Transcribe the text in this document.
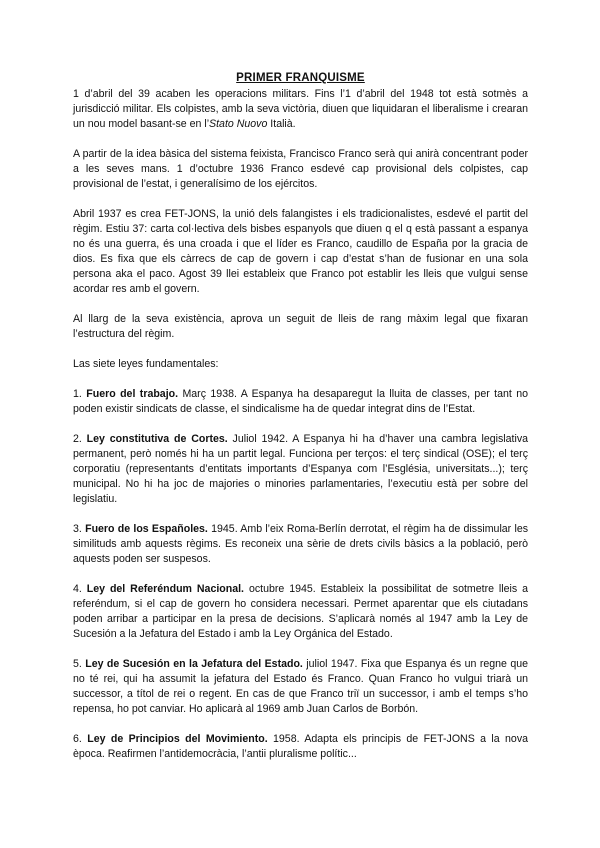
PRIMER FRANQUISME

1 d’abril del 39 acaben les operacions militars. Fins l’1 d’abril del 1948 tot està sotmès a jurisdicció militar. Els colpistes, amb la seva victòria, diuen que liquidaran el liberalisme i crearan un nou model basant-se en l’Stato Nuovo Italià.

A partir de la idea bàsica del sistema feixista, Francisco Franco serà qui anirà concentrant poder a les seves mans. 1 d’octubre 1936 Franco esdevé cap provisional dels colpistes, cap provisional de l’estat, i generalísimo de los ejércitos.

Abril 1937 es crea FET-JONS, la unió dels falangistes i els tradicionalistes, esdevé el partit del règim. Estiu 37: carta col·lectiva dels bisbes espanyols que diuen q el q està passant a espanya no és una guerra, és una croada i que el líder es Franco, caudillo de España por la gracia de dios. Es fixa que els càrrecs de cap de govern i cap d’estat s’han de fusionar en una sola persona aka el paco. Agost 39 llei estableix que Franco pot establir les lleis que vulgui sense acordar res amb el govern.

Al llarg de la seva existència, aprova un seguit de lleis de rang màxim legal que fixaran l’estructura del règim.

Las siete leyes fundamentales:

1. Fuero del trabajo. Març 1938. A Espanya ha desaparegut la lluita de classes, per tant no poden existir sindicats de classe, el sindicalisme ha de quedar integrat dins de l’Estat.

2. Ley constitutiva de Cortes. Juliol 1942. A Espanya hi ha d’haver una cambra legislativa permanent, però només hi ha un partit legal. Funciona per terços: el terç sindical (OSE); el terç corporatiu (representants d’entitats importants d’Espanya com l’Església, universitats...); terç municipal. No hi ha joc de majories o minories parlamentaries, l’executiu està per sobre del legislatiu.

3. Fuero de los Españoles. 1945. Amb l’eix Roma-Berlín derrotat, el règim ha de dissimular les similituds amb aquests règims. Es reconeix una sèrie de drets civils bàsics a la població, però aquests poden ser suspesos.

4. Ley del Referéndum Nacional. octubre 1945. Estableix la possibilitat de sotmetre lleis a referéndum, si el cap de govern ho considera necessari. Permet aparentar que els ciutadans poden arribar a participar en la presa de decisions. S’aplicarà només al 1947 amb la Ley de Sucesión a la Jefatura del Estado i amb la Ley Orgánica del Estado.

5. Ley de Sucesión en la Jefatura del Estado. juliol 1947. Fixa que Espanya és un regne que no té rei, qui ha assumit la jefatura del Estado és Franco. Quan Franco ho vulgui triarà un successor, a títol de rei o regent. En cas de que Franco triï un successor, i amb el temps s’ho repensa, ho pot canviar. Ho aplicarà al 1969 amb Juan Carlos de Borbón.

6. Ley de Principios del Movimiento. 1958. Adapta els principis de FET-JONS a la nova època. Reafirmen l’antidemocràcia, l’antii pluralisme polític...
